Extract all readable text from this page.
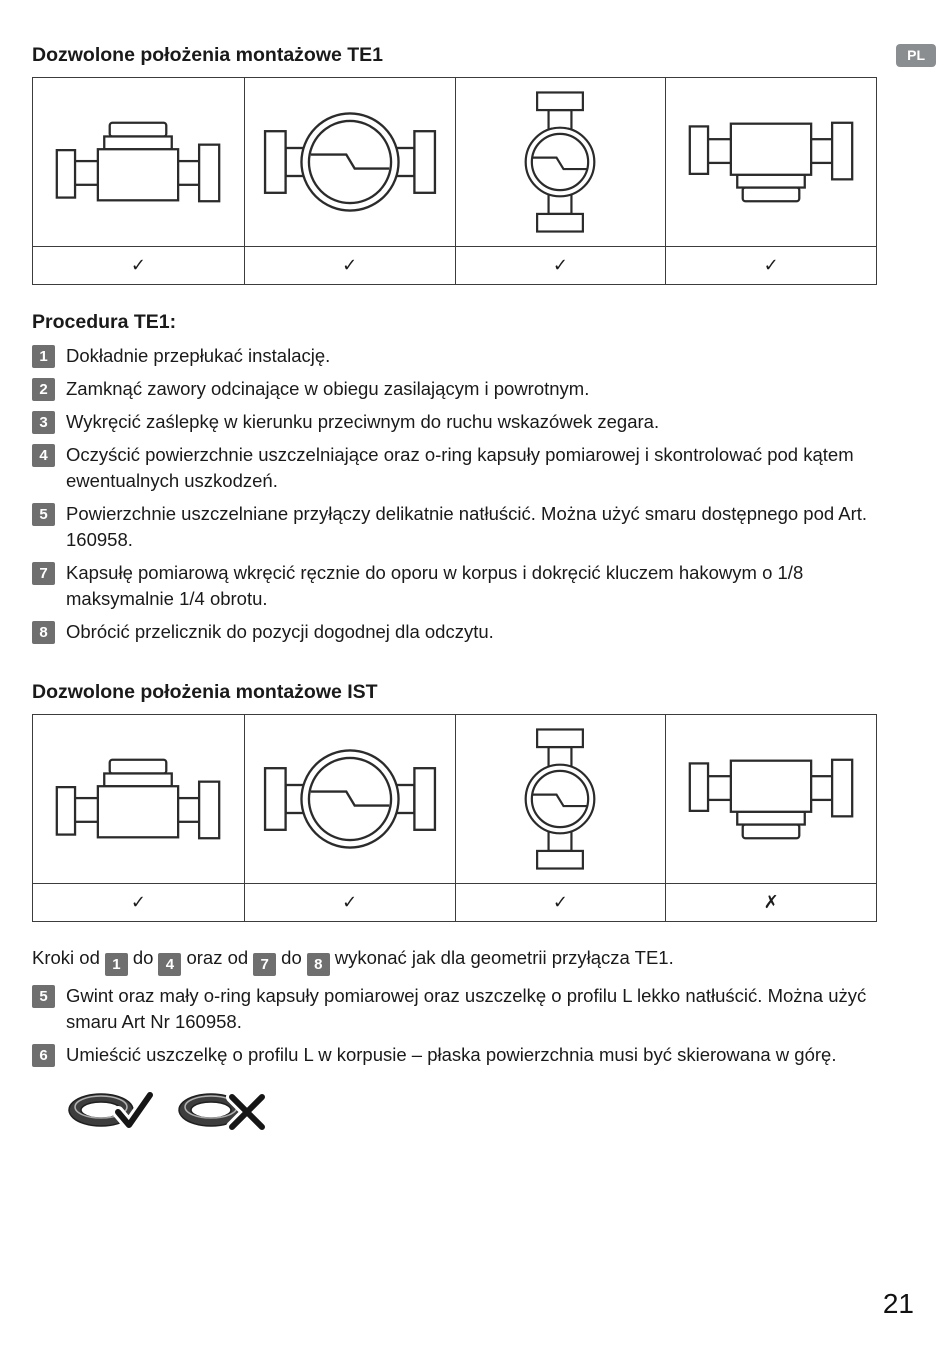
Dozwolone położenia montażowe TE1	PL
✓	✓	✓	✓
Procedura TE1:
1 Dokładnie przepłukać instalację.
2 Zamknąć zawory odcinające w obiegu zasilającym i powrotnym.
3 Wykręcić zaślepkę w kierunku przeciwnym do ruchu wskazówek zegara.
4 Oczyścić powierzchnie uszczelniające oraz o-ring kapsuły pomiarowej i skontrolować pod kątem ewentualnych uszkodzeń.
5 Powierzchnie uszczelniane przyłączy delikatnie natłuścić. Można użyć smaru dostępnego pod Art. 160958.
7 Kapsułę pomiarową wkręcić ręcznie do oporu w korpus i dokręcić kluczem hakowym o 1/8 maksymalnie 1/4 obrotu.
8 Obrócić przelicznik do pozycji dogodnej dla odczytu.
Dozwolone położenia montażowe IST
✓	✓	✓	✗

Kroki od 1 do 4 oraz od 7 do 8 wykonać jak dla geometrii przyłącza TE1.

5 Gwint oraz mały o-ring kapsuły pomiarowej oraz uszczelkę o profilu L lekko natłuścić. Można użyć smaru Art Nr 160958.
6 Umieścić uszczelkę o profilu L w korpusie – płaska powierzchnia musi być skierowana w górę.
21
